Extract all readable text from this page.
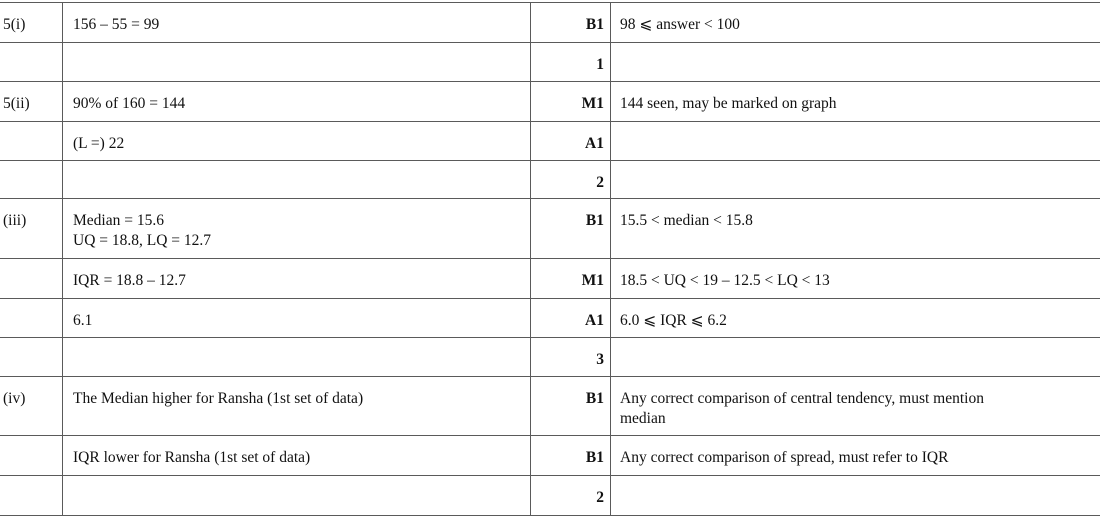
5(i)	156 – 55 = 99	B1	98 ⩽ answer < 100

		1	
5(ii)	90% of 160 = 144	M1	144 seen, may be marked on graph

	(L =) 22	A1	
		2	
(iii)	Median = 15.6
UQ = 18.8, LQ = 12.7	B1	15.5 < median < 15.8

	IQR = 18.8 – 12.7	M1	18.5 < UQ < 19 – 12.5 < LQ < 13

	6.1	A1	6.0 ⩽ IQR ⩽ 6.2

		3	
(iv)	The Median higher for Ransha (1st set of data)	B1	Any correct comparison of central tendency, must mention
median

	IQR lower for Ransha (1st set of data)	B1	Any correct comparison of spread, must refer to IQR

		2	
